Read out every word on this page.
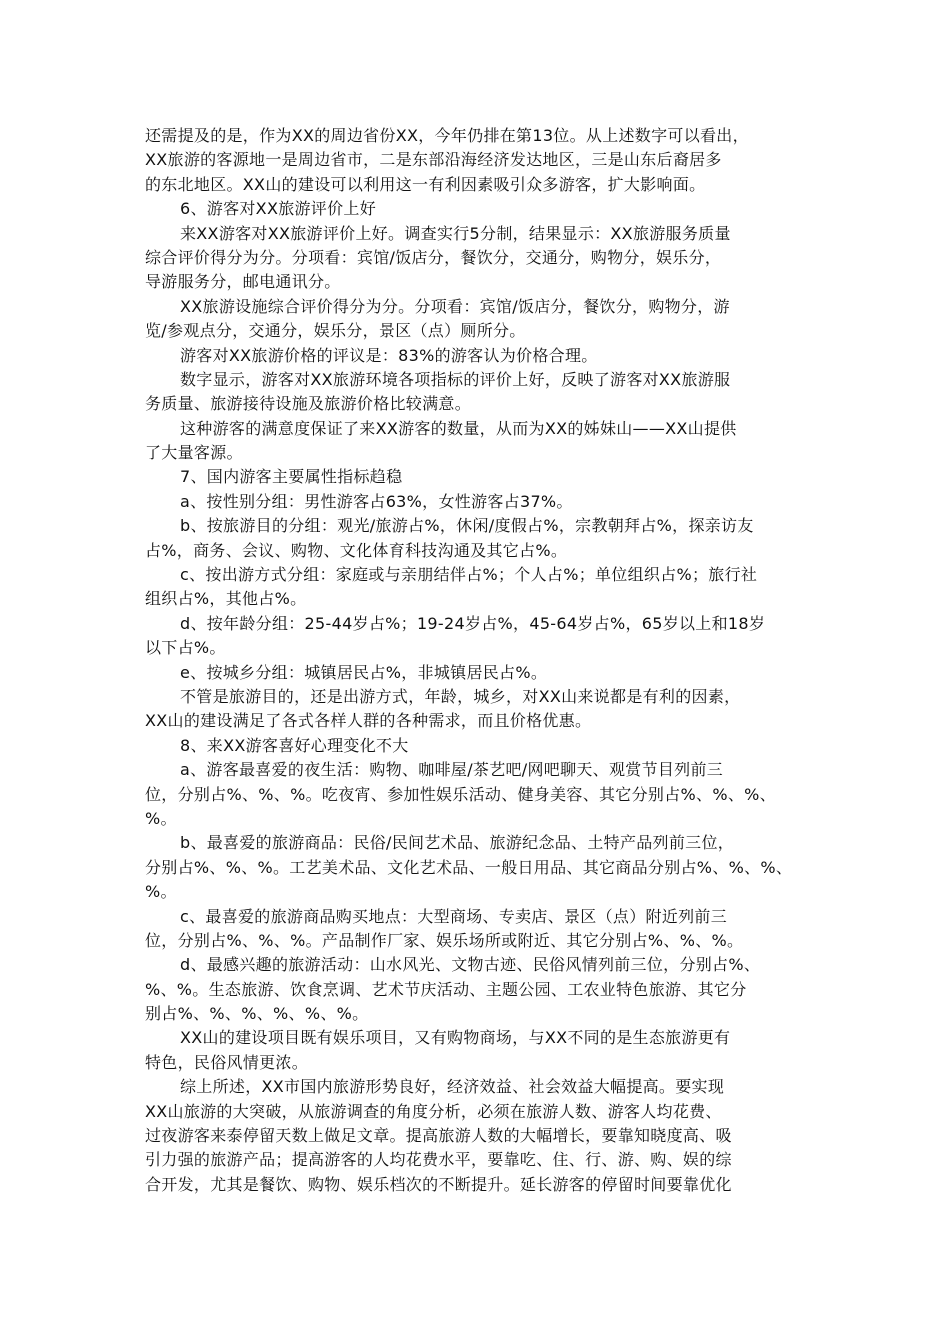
还需提及的是，作为XX的周边省份XX，今年仍排在第13位。从上述数字可以看出，
XX旅游的客源地一是周边省市，二是东部沿海经济发达地区，三是山东后裔居多
的东北地区。XX山的建设可以利用这一有利因素吸引众多游客，扩大影响面。
6、游客对XX旅游评价上好
来XX游客对XX旅游评价上好。调查实行5分制，结果显示：XX旅游服务质量
综合评价得分为分。分项看：宾馆/饭店分，餐饮分，交通分，购物分，娱乐分，
导游服务分，邮电通讯分。
XX旅游设施综合评价得分为分。分项看：宾馆/饭店分，餐饮分，购物分，游
览/参观点分，交通分，娱乐分，景区（点）厕所分。
游客对XX旅游价格的评议是：83%的游客认为价格合理。
数字显示，游客对XX旅游环境各项指标的评价上好，反映了游客对XX旅游服
务质量、旅游接待设施及旅游价格比较满意。
这种游客的满意度保证了来XX游客的数量，从而为XX的姊妹山——XX山提供
了大量客源。
7、国内游客主要属性指标趋稳
a、按性别分组：男性游客占63%，女性游客占37%。
b、按旅游目的分组：观光/旅游占%，休闲/度假占%，宗教朝拜占%，探亲访友
占%，商务、会议、购物、文化体育科技沟通及其它占%。
c、按出游方式分组：家庭或与亲朋结伴占%；个人占%；单位组织占%；旅行社
组织占%，其他占%。
d、按年龄分组：25-44岁占%；19-24岁占%，45-64岁占%，65岁以上和18岁
以下占%。
e、按城乡分组：城镇居民占%，非城镇居民占%。
不管是旅游目的，还是出游方式，年龄，城乡，对XX山来说都是有利的因素，
XX山的建设满足了各式各样人群的各种需求，而且价格优惠。
8、来XX游客喜好心理变化不大
a、游客最喜爱的夜生活：购物、咖啡屋/茶艺吧/网吧聊天、观赏节目列前三
位，分别占%、%、%。吃夜宵、参加性娱乐活动、健身美容、其它分别占%、%、%、
%。
b、最喜爱的旅游商品：民俗/民间艺术品、旅游纪念品、土特产品列前三位，
分别占%、%、%。工艺美术品、文化艺术品、一般日用品、其它商品分别占%、%、%、
%。
c、最喜爱的旅游商品购买地点：大型商场、专卖店、景区（点）附近列前三
位，分别占%、%、%。产品制作厂家、娱乐场所或附近、其它分别占%、%、%。
d、最感兴趣的旅游活动：山水风光、文物古迹、民俗风情列前三位，分别占%、
%、%。生态旅游、饮食烹调、艺术节庆活动、主题公园、工农业特色旅游、其它分
别占%、%、%、%、%、%。
XX山的建设项目既有娱乐项目，又有购物商场，与XX不同的是生态旅游更有
特色，民俗风情更浓。
综上所述，XX市国内旅游形势良好，经济效益、社会效益大幅提高。要实现
XX山旅游的大突破，从旅游调查的角度分析，必须在旅游人数、游客人均花费、
过夜游客来泰停留天数上做足文章。提高旅游人数的大幅增长，要靠知晓度高、吸
引力强的旅游产品；提高游客的人均花费水平，要靠吃、住、行、游、购、娱的综
合开发，尤其是餐饮、购物、娱乐档次的不断提升。延长游客的停留时间要靠优化
